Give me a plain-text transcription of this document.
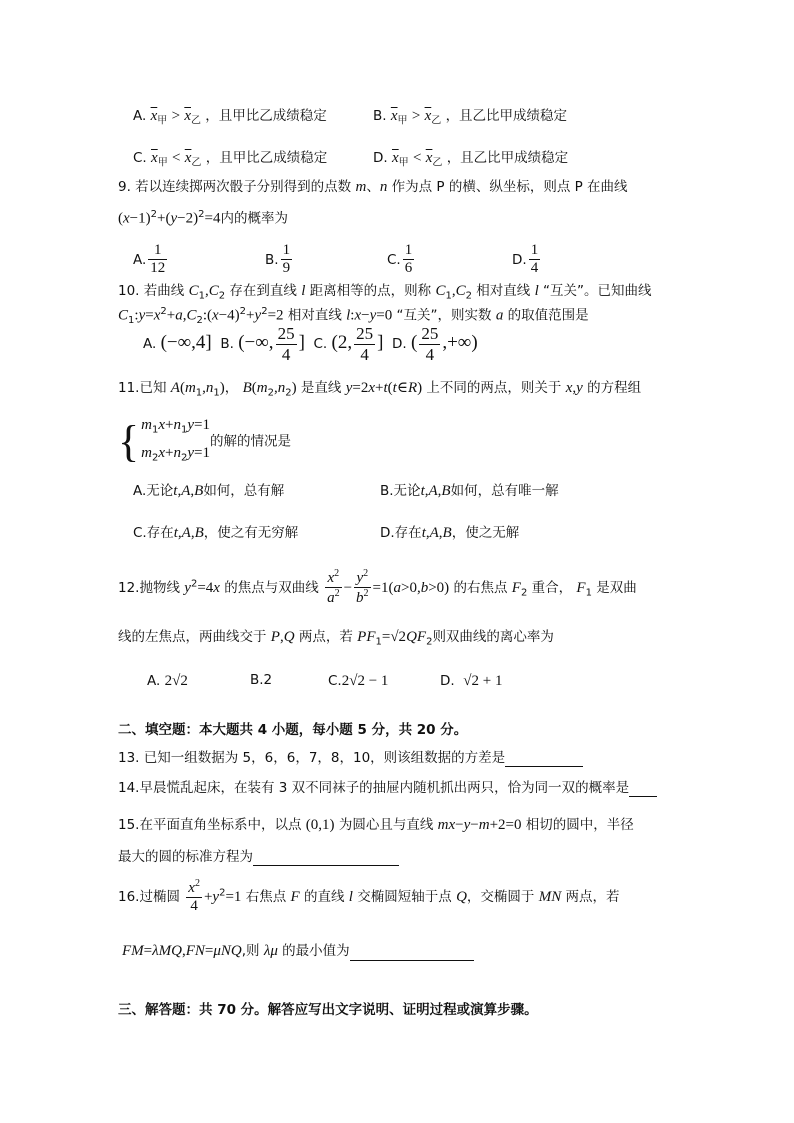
A. $\overline{x}_甲 > \overline{x}_乙$ ，且甲比乙成绩稳定	B. $\overline{x}_甲 > \overline{x}_乙$ ，且乙比甲成绩稳定
C. $\overline{x}_甲 < \overline{x}_乙$ ，且甲比乙成绩稳定	D. $\overline{x}_甲 < \overline{x}_乙$ ，且乙比甲成绩稳定
9. 若以连续掷两次骰子分别得到的点数 m、n 作为点 P 的横、纵坐标，则点 P 在曲线
$(x-1)^2+(y-2)^2=4$内的概率为
A. $\frac{1}{12}$	B. $\frac{1}{9}$	C. $\frac{1}{6}$	D. $\frac{1}{4}$
10. 若曲线 $C_1,C_2$ 存在到直线 l 距离相等的点，则称 $C_1,C_2$ 相对直线 l “互关”。已知曲线
$C_1:y=x^2+a,C_2:(x-4)^2+y^2=2$ 相对直线 l:x−y=0 “互关”，则实数 a 的取值范围是
A. (−∞,4] B. (−∞, $\frac{25}{4}$ ] C. (2, $\frac{25}{4}$ ] D. ( $\frac{25}{4}$ ,+∞)
11.已知 $A(m_1,n_1)$， $B(m_2,n_2)$ 是直线 y=2x+t(t∈R) 上不同的两点，则关于 x,y 的方程组
{ $m_1x+n_1y=1$
$m_2x+n_2y=1$
的解的情况是
A.无论t,A,B如何，总有解	B.无论t,A,B如何，总有唯一解
C.存在t,A,B，使之有无穷解	D.存在t,A,B，使之无解
12.抛物线 $y^2=4x$ 的焦点与双曲线 $\frac{x^2}{a^2} - \frac{y^2}{b^2} =1(a>0,b>0)$ 的右焦点 $F_2$ 重合， $F_1$ 是双曲
线的左焦点，两曲线交于 P,Q 两点，若 $PF_1=√2QF_2$则双曲线的离心率为
A. 2√2	B.2	C.2√2 − 1	D. √2 + 1
二、填空题：本大题共 4 小题，每小题 5 分，共 20 分。
13. 已知一组数据为 5，6，6，7，8，10，则该组数据的方差是
14.早晨慌乱起床，在装有 3 双不同袜子的抽屉内随机抓出两只，恰为同一双的概率是
15.在平面直角坐标系中，以点 (0,1) 为圆心且与直线 mx−y−m+2=0 相切的圆中，半径
最大的圆的标准方程为
16.过椭圆 $\frac{x^2}{4} +y^2=1$ 右焦点 F 的直线 l 交椭圆短轴于点 Q，交椭圆于 MN 两点，若
FM=λMQ,FN=μNQ,则 λμ 的最小值为
三、解答题：共 70 分。解答应写出文字说明、证明过程或演算步骤。
